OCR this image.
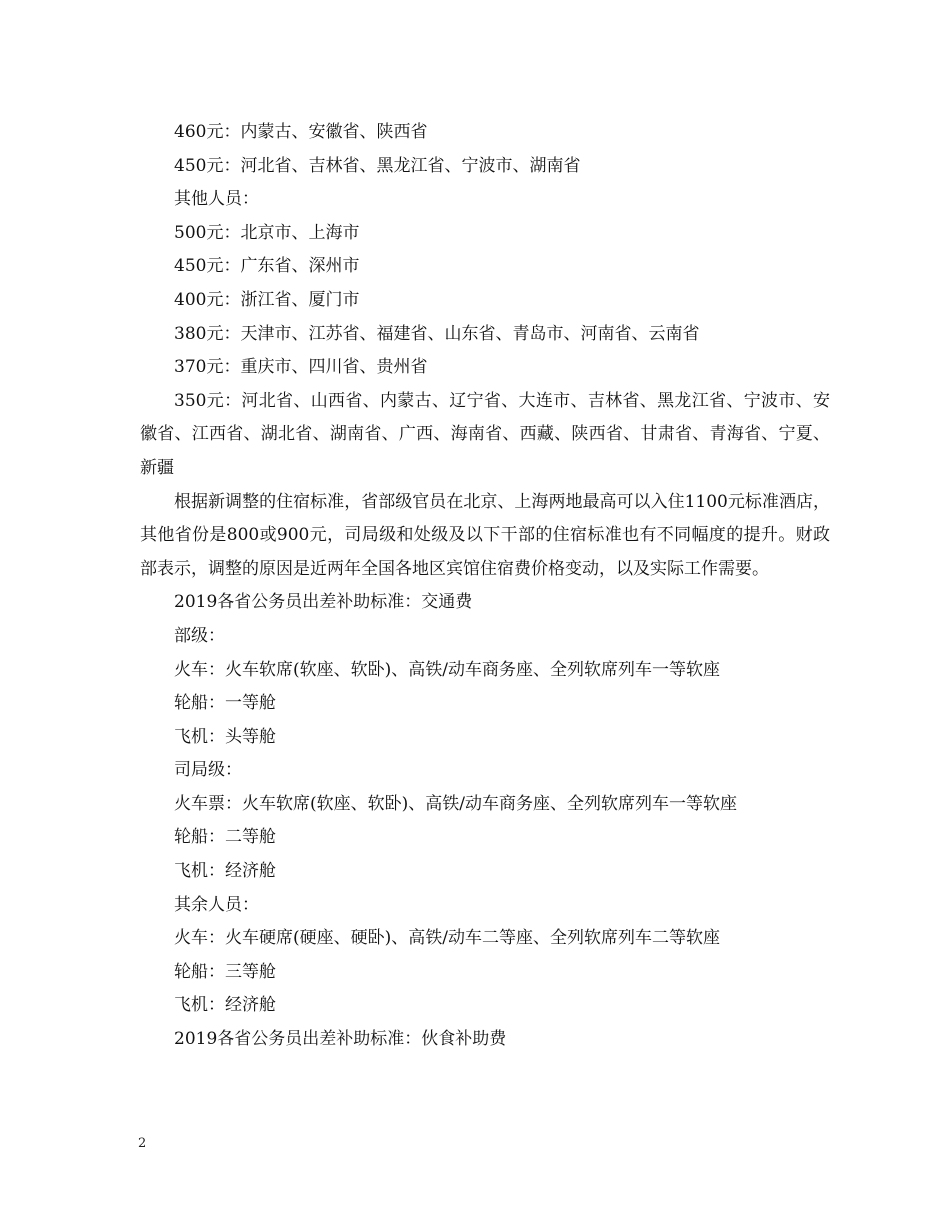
460元：内蒙古、安徽省、陕西省

450元：河北省、吉林省、黑龙江省、宁波市、湖南省

其他人员：

500元：北京市、上海市

450元：广东省、深州市

400元：浙江省、厦门市

380元：天津市、江苏省、福建省、山东省、青岛市、河南省、云南省

370元：重庆市、四川省、贵州省

350元：河北省、山西省、内蒙古、辽宁省、大连市、吉林省、黑龙江省、宁波市、安徽省、江西省、湖北省、湖南省、广西、海南省、西藏、陕西省、甘肃省、青海省、宁夏、新疆

根据新调整的住宿标准，省部级官员在北京、上海两地最高可以入住1100元标准酒店，其他省份是800或900元，司局级和处级及以下干部的住宿标准也有不同幅度的提升。财政部表示，调整的原因是近两年全国各地区宾馆住宿费价格变动，以及实际工作需要。

2019各省公务员出差补助标准：交通费

部级：

火车：火车软席(软座、软卧)、高铁/动车商务座、全列软席列车一等软座

轮船：一等舱

飞机：头等舱

司局级：

火车票：火车软席(软座、软卧)、高铁/动车商务座、全列软席列车一等软座

轮船：二等舱

飞机：经济舱

其余人员：

火车：火车硬席(硬座、硬卧)、高铁/动车二等座、全列软席列车二等软座

轮船：三等舱

飞机：经济舱

2019各省公务员出差补助标准：伙食补助费

2
